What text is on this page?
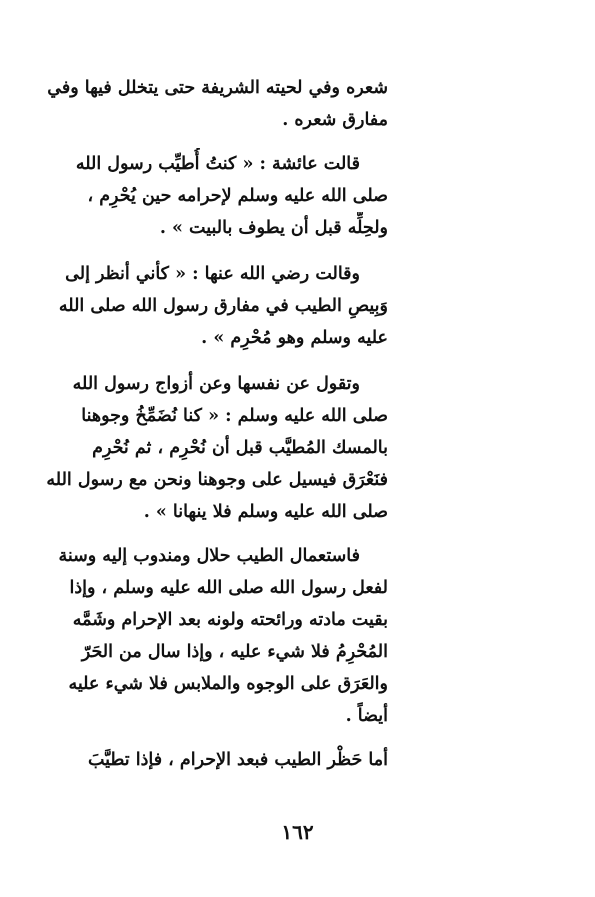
شعره وفي لحيته الشريفة حتى يتخلل فيها وفي
مفارق شعره .
قالت عائشة : « كنتُ أُطيِّب رسول الله
صلى الله عليه وسلم لإحرامه حين يُحْرِم ،
ولحِلِّه قبل أن يطوف بالبيت » .
وقالت رضي الله عنها : « كأني أنظر إلى
وَبِيصِ الطيب في مفارق رسول الله صلى الله
عليه وسلم وهو مُحْرِم » .
وتقول عن نفسها وعن أزواج رسول الله
صلى الله عليه وسلم : « كنا نُضَمِّخُ وجوهنا
بالمسك المُطيَّب قبل أن نُحْرِم ، ثم نُحْرِم
فنَعْرَق فيسيل على وجوهنا ونحن مع رسول الله
صلى الله عليه وسلم فلا ينهانا » .
فاستعمال الطيب حلال ومندوب إليه وسنة
لفعل رسول الله صلى الله عليه وسلم ، وإذا
بقيت مادته ورائحته ولونه بعد الإحرام وشَمَّه
المُحْرِمُ فلا شيء عليه ، وإذا سال من الحَرّ
والعَرَق على الوجوه والملابس فلا شيء عليه
أيضاً .
أما حَظْر الطيب فبعد الإحرام ، فإذا تطيَّبَ
١٦٢
